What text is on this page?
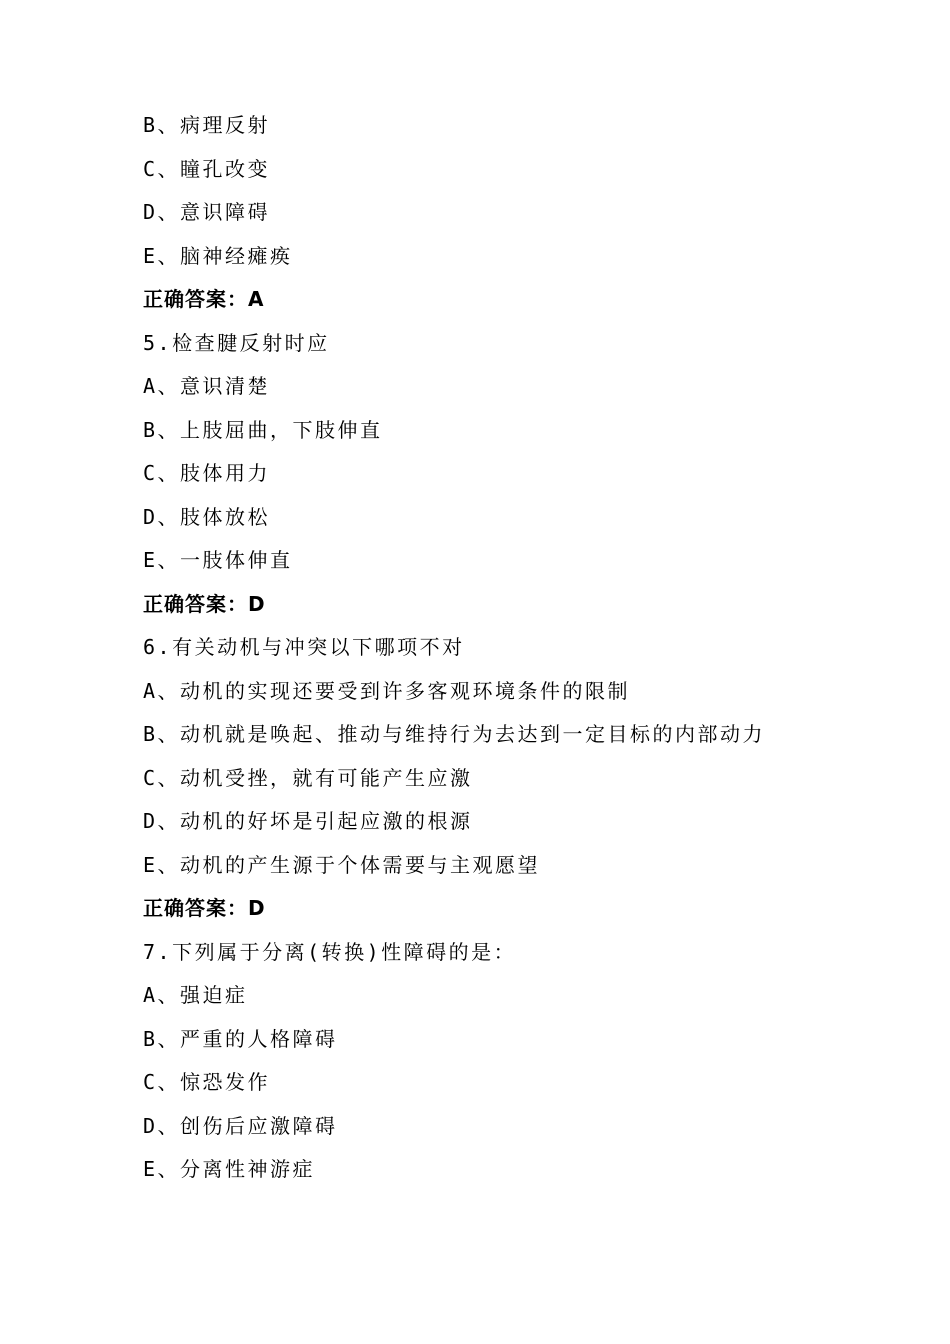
B、病理反射
C、瞳孔改变
D、意识障碍
E、脑神经瘫痪
正确答案：A
5.检查腱反射时应
A、意识清楚
B、上肢屈曲，下肢伸直
C、肢体用力
D、肢体放松
E、一肢体伸直
正确答案：D
6.有关动机与冲突以下哪项不对
A、动机的实现还要受到许多客观环境条件的限制
B、动机就是唤起、推动与维持行为去达到一定目标的内部动力
C、动机受挫，就有可能产生应激
D、动机的好坏是引起应激的根源
E、动机的产生源于个体需要与主观愿望
正确答案：D
7.下列属于分离(转换)性障碍的是：
A、强迫症
B、严重的人格障碍
C、惊恐发作
D、创伤后应激障碍
E、分离性神游症
